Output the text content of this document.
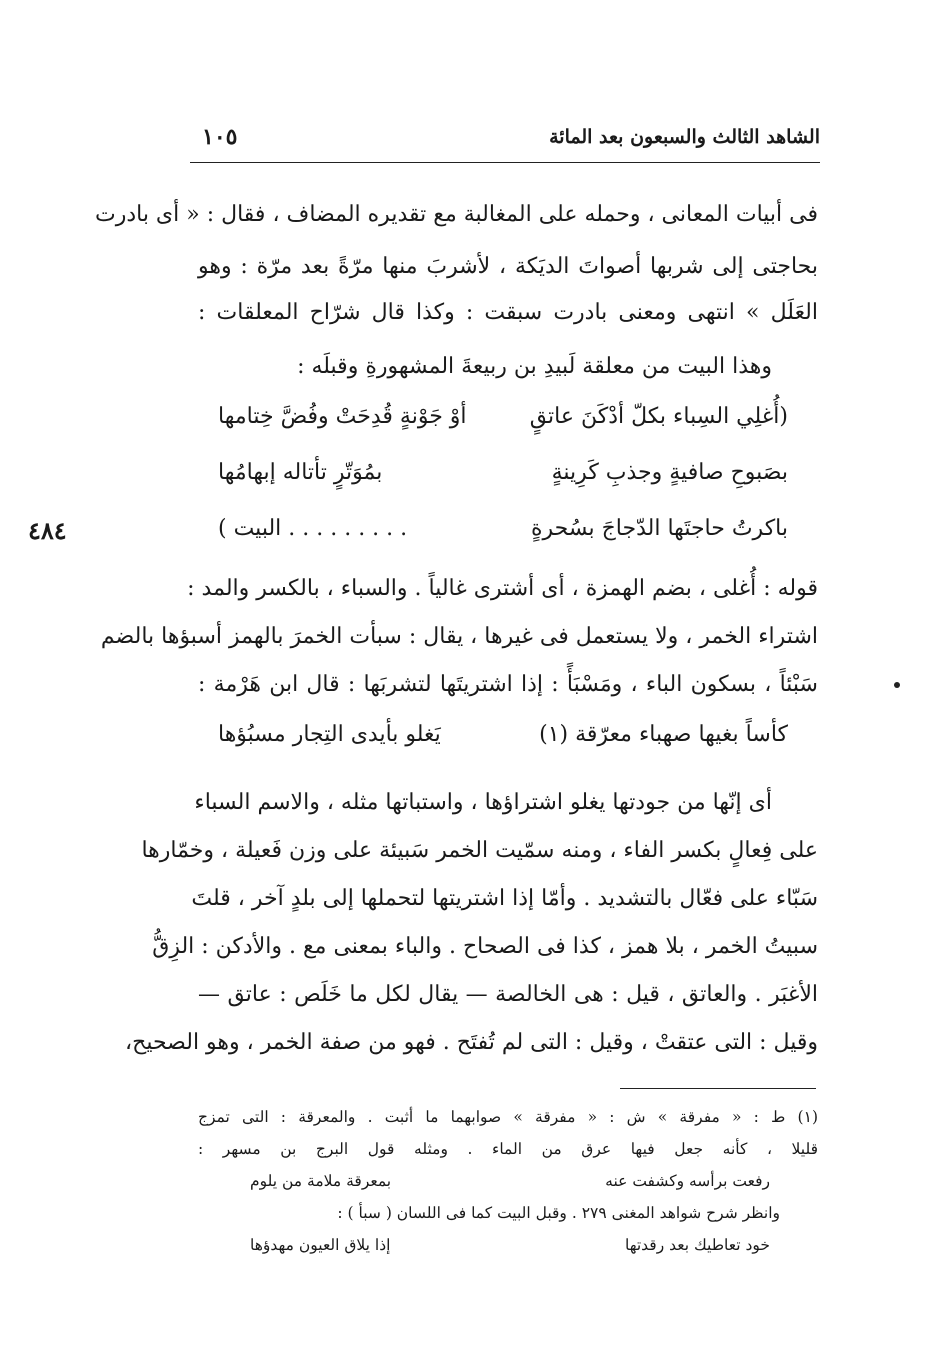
الشاهد الثالث والسبعون بعد المائة
١٠٥
٤٨٤
فى أبيات المعانى ، وحمله على المغالبة مع تقديره المضاف ، فقال : « أى بادرت
بحاجتى إلى شربها أصواتَ الديَكة ، لأشربَ منها مرّةً بعد مرّة : وهو
العَلَل » انتهى ومعنى بادرت سبقت : وكذا قال شرّاح المعلقات :
وهذا البيت من معلقة لَبيدِ بن ربيعةَ المشهورةِ وقبلَه :
(أُغلِي السِباء بكلّ أدْكَنَ عاتقٍ
أوْ جَوْنةٍ قُدِحَتْ وفُضَّ خِتامها
بصَبوحِ صافيةٍ وجذبِ كَرِينةٍ
بمُوَتّرٍ تأتاله إبهامُها
باكرتُ حاجتَها الدّجاجَ بسُحرةٍ
. . . . . . . . . البيت )
قوله : أُغلى ، بضم الهمزة ، أى أشترى غالياً . والسباء ، بالكسر والمد :
اشتراء الخمر ، ولا يستعمل فى غيرها ، يقال : سبأت الخمرَ بالهمز أسبؤها بالضم
سَبْئاً ، بسكون الباء ، ومَسْبَأً : إذا اشتريتَها لتشربَها : قال ابن هَرْمة :
كأساً بغيها صهباء معرّقة (١)
يَغلو بأيدى التِجار مسبُؤها
أى إنّها من جودتها يغلو اشتراؤها ، واستباتها مثله ، والاسم السباء
على فِعالٍ بكسر الفاء ، ومنه سمّيت الخمر سَبيئة على وزن فَعيلة ، وخمّارها
سَبّاء على فعّال بالتشديد . وأمّا إذا اشتريتها لتحملها إلى بلدٍ آخر ، قلتَ
سبيتُ الخمر ، بلا همز ، كذا فى الصحاح . والباء بمعنى مع . والأدكن : الزِقُّ
الأغبَر . والعاتق ، قيل : هى الخالصة — يقال لكل ما خَلَص : عاتق —
وقيل : التى عتقتْ ، وقيل : التى لم تُفتَح . فهو من صفة الخمر ، وهو الصحيح،
(١) ط : « مفرقة » ش : « مفرقة » صوابهما ما أثبت . والمعرقة : التى تمزج
قليلا ، كأنه جعل فيها عرق من الماء . ومثله قول البرج بن مسهر :
رفعت برأسه وكشفت عنه
بمعرقة ملامة من يلوم
وانظر شرح شواهد المغنى ٢٧٩ . وقبل البيت كما فى اللسان ( سبأ ) :
خود تعاطيك بعد رقدتها
إذا يلاق العيون مهدؤها
